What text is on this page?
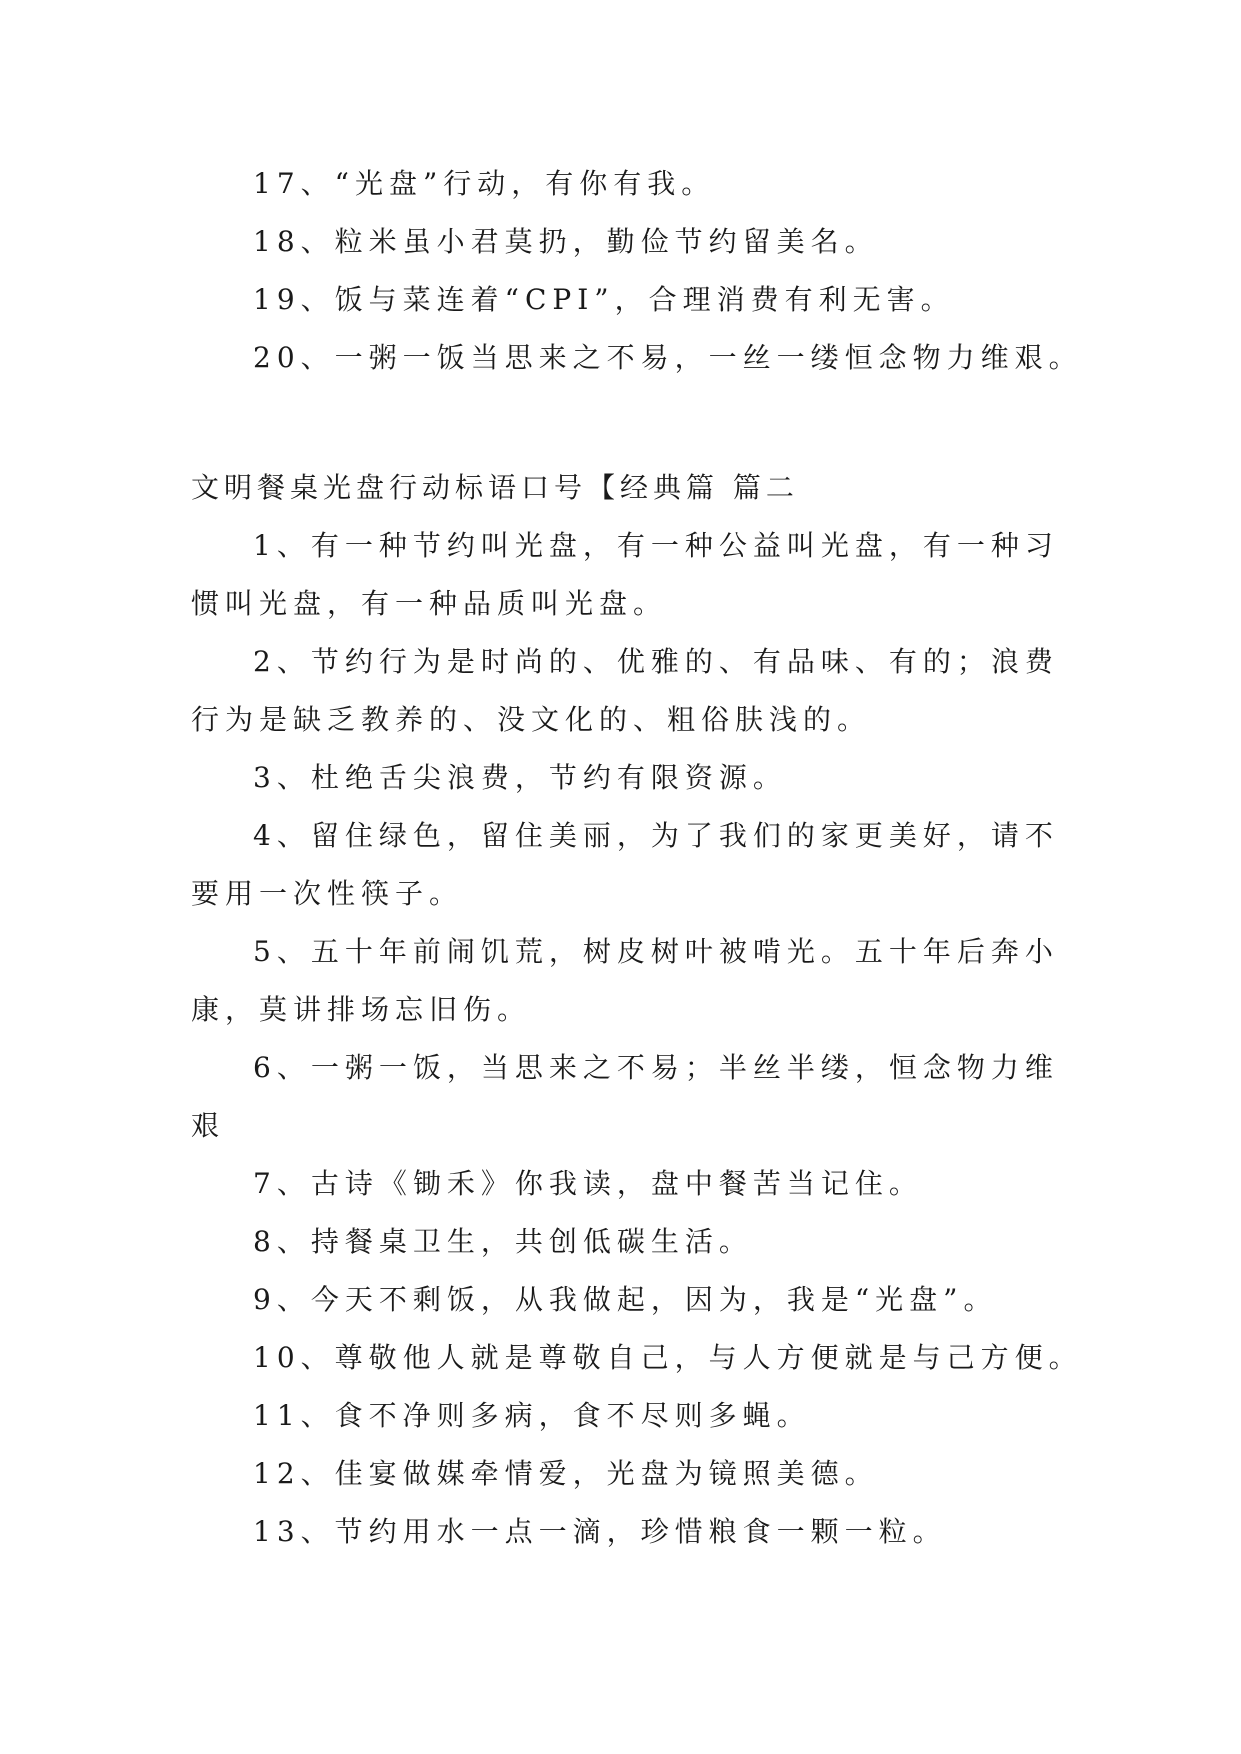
17、“光盘”行动，有你有我。
18、粒米虽小君莫扔，勤俭节约留美名。
19、饭与菜连着“CPI”，合理消费有利无害。
20、一粥一饭当思来之不易，一丝一缕恒念物力维艰。
文明餐桌光盘行动标语口号【经典篇 篇二
1、有一种节约叫光盘，有一种公益叫光盘，有一种习
惯叫光盘，有一种品质叫光盘。
2、节约行为是时尚的、优雅的、有品味、有的；浪费
行为是缺乏教养的、没文化的、粗俗肤浅的。
3、杜绝舌尖浪费，节约有限资源。
4、留住绿色，留住美丽，为了我们的家更美好，请不
要用一次性筷子。
5、五十年前闹饥荒，树皮树叶被啃光。五十年后奔小
康，莫讲排场忘旧伤。
6、一粥一饭，当思来之不易；半丝半缕，恒念物力维
艰
7、古诗《锄禾》你我读，盘中餐苦当记住。
8、持餐桌卫生，共创低碳生活。
9、今天不剩饭，从我做起，因为，我是“光盘”。
10、尊敬他人就是尊敬自己，与人方便就是与己方便。
11、食不净则多病，食不尽则多蝇。
12、佳宴做媒牵情爱，光盘为镜照美德。
13、节约用水一点一滴，珍惜粮食一颗一粒。
